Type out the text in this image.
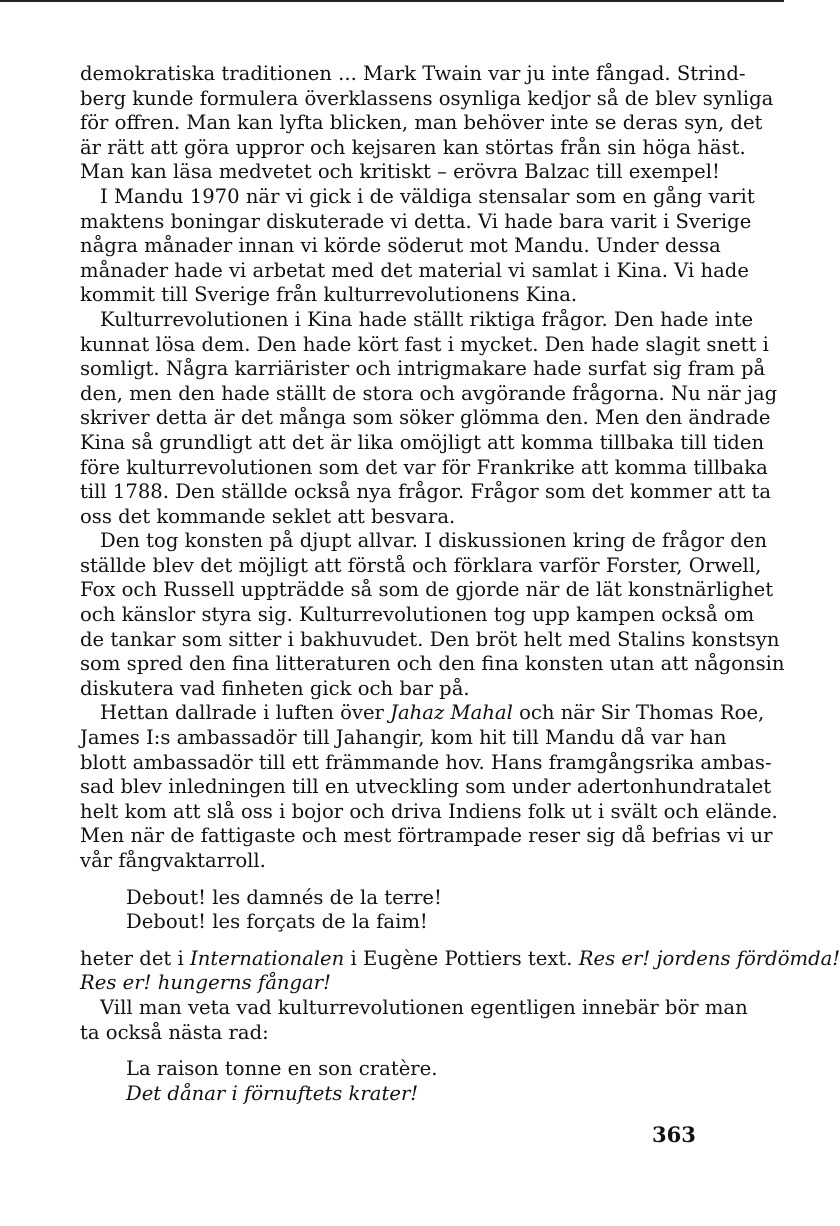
demokratiska traditionen ... Mark Twain var ju inte fångad. Strind-
berg kunde formulera överklassens osynliga kedjor så de blev synliga
för offren. Man kan lyfta blicken, man behöver inte se deras syn, det
är rätt att göra uppror och kejsaren kan störtas från sin höga häst.
Man kan läsa medvetet och kritiskt – erövra Balzac till exempel!

I Mandu 1970 när vi gick i de väldiga stensalar som en gång varit
maktens boningar diskuterade vi detta. Vi hade bara varit i Sverige
några månader innan vi körde söderut mot Mandu. Under dessa
månader hade vi arbetat med det material vi samlat i Kina. Vi hade
kommit till Sverige från kulturrevolutionens Kina.

Kulturrevolutionen i Kina hade ställt riktiga frågor. Den hade inte
kunnat lösa dem. Den hade kört fast i mycket. Den hade slagit snett i
somligt. Några karriärister och intrigmakare hade surfat sig fram på
den, men den hade ställt de stora och avgörande frågorna. Nu när jag
skriver detta är det många som söker glömma den. Men den ändrade
Kina så grundligt att det är lika omöjligt att komma tillbaka till tiden
före kulturrevolutionen som det var för Frankrike att komma tillbaka
till 1788. Den ställde också nya frågor. Frågor som det kommer att ta
oss det kommande seklet att besvara.

Den tog konsten på djupt allvar. I diskussionen kring de frågor den
ställde blev det möjligt att förstå och förklara varför Forster, Orwell,
Fox och Russell uppträdde så som de gjorde när de lät konstnärlighet
och känslor styra sig. Kulturrevolutionen tog upp kampen också om
de tankar som sitter i bakhuvudet. Den bröt helt med Stalins konstsyn
som spred den fina litteraturen och den fina konsten utan att någonsin
diskutera vad finheten gick och bar på.

Hettan dallrade i luften över Jahaz Mahal och när Sir Thomas Roe,
James I:s ambassadör till Jahangir, kom hit till Mandu då var han
blott ambassadör till ett främmande hov. Hans framgångsrika ambas-
sad blev inledningen till en utveckling som under adertonhundratalet
helt kom att slå oss i bojor och driva Indiens folk ut i svält och elände.
Men när de fattigaste och mest förtrampade reser sig då befrias vi ur
vår fångvaktarroll.

Debout! les damnés de la terre!
Debout! les forçats de la faim!

heter det i Internationalen i Eugène Pottiers text. Res er! jordens fördömda!
Res er! hungerns fångar!

Vill man veta vad kulturrevolutionen egentligen innebär bör man
ta också nästa rad:

La raison tonne en son cratère.
Det dånar i förnuftets krater!

363
